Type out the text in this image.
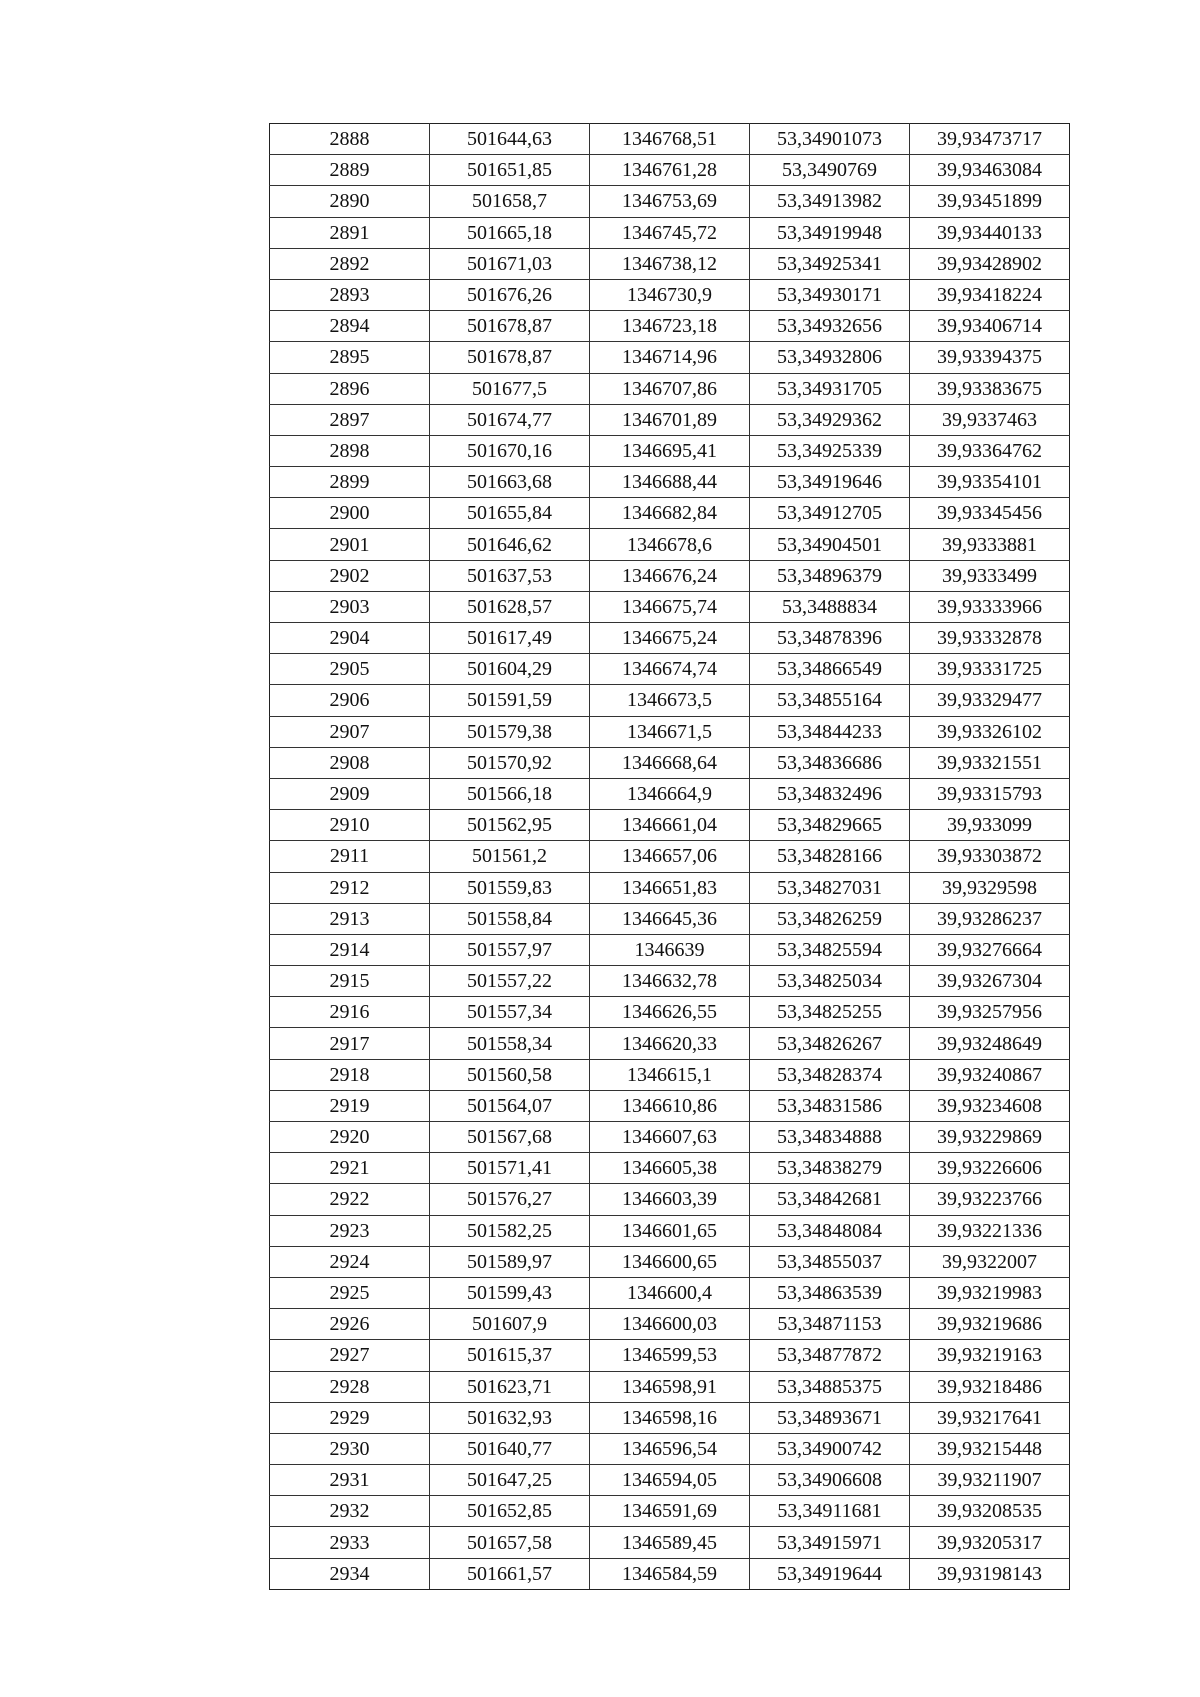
2888	501644,63	1346768,51	53,34901073	39,93473717
2889	501651,85	1346761,28	53,3490769	39,93463084
2890	501658,7	1346753,69	53,34913982	39,93451899
2891	501665,18	1346745,72	53,34919948	39,93440133
2892	501671,03	1346738,12	53,34925341	39,93428902
2893	501676,26	1346730,9	53,34930171	39,93418224
2894	501678,87	1346723,18	53,34932656	39,93406714
2895	501678,87	1346714,96	53,34932806	39,93394375
2896	501677,5	1346707,86	53,34931705	39,93383675
2897	501674,77	1346701,89	53,34929362	39,9337463
2898	501670,16	1346695,41	53,34925339	39,93364762
2899	501663,68	1346688,44	53,34919646	39,93354101
2900	501655,84	1346682,84	53,34912705	39,93345456
2901	501646,62	1346678,6	53,34904501	39,9333881
2902	501637,53	1346676,24	53,34896379	39,9333499
2903	501628,57	1346675,74	53,3488834	39,93333966
2904	501617,49	1346675,24	53,34878396	39,93332878
2905	501604,29	1346674,74	53,34866549	39,93331725
2906	501591,59	1346673,5	53,34855164	39,93329477
2907	501579,38	1346671,5	53,34844233	39,93326102
2908	501570,92	1346668,64	53,34836686	39,93321551
2909	501566,18	1346664,9	53,34832496	39,93315793
2910	501562,95	1346661,04	53,34829665	39,933099
2911	501561,2	1346657,06	53,34828166	39,93303872
2912	501559,83	1346651,83	53,34827031	39,9329598
2913	501558,84	1346645,36	53,34826259	39,93286237
2914	501557,97	1346639	53,34825594	39,93276664
2915	501557,22	1346632,78	53,34825034	39,93267304
2916	501557,34	1346626,55	53,34825255	39,93257956
2917	501558,34	1346620,33	53,34826267	39,93248649
2918	501560,58	1346615,1	53,34828374	39,93240867
2919	501564,07	1346610,86	53,34831586	39,93234608
2920	501567,68	1346607,63	53,34834888	39,93229869
2921	501571,41	1346605,38	53,34838279	39,93226606
2922	501576,27	1346603,39	53,34842681	39,93223766
2923	501582,25	1346601,65	53,34848084	39,93221336
2924	501589,97	1346600,65	53,34855037	39,9322007
2925	501599,43	1346600,4	53,34863539	39,93219983
2926	501607,9	1346600,03	53,34871153	39,93219686
2927	501615,37	1346599,53	53,34877872	39,93219163
2928	501623,71	1346598,91	53,34885375	39,93218486
2929	501632,93	1346598,16	53,34893671	39,93217641
2930	501640,77	1346596,54	53,34900742	39,93215448
2931	501647,25	1346594,05	53,34906608	39,93211907
2932	501652,85	1346591,69	53,34911681	39,93208535
2933	501657,58	1346589,45	53,34915971	39,93205317
2934	501661,57	1346584,59	53,34919644	39,93198143
